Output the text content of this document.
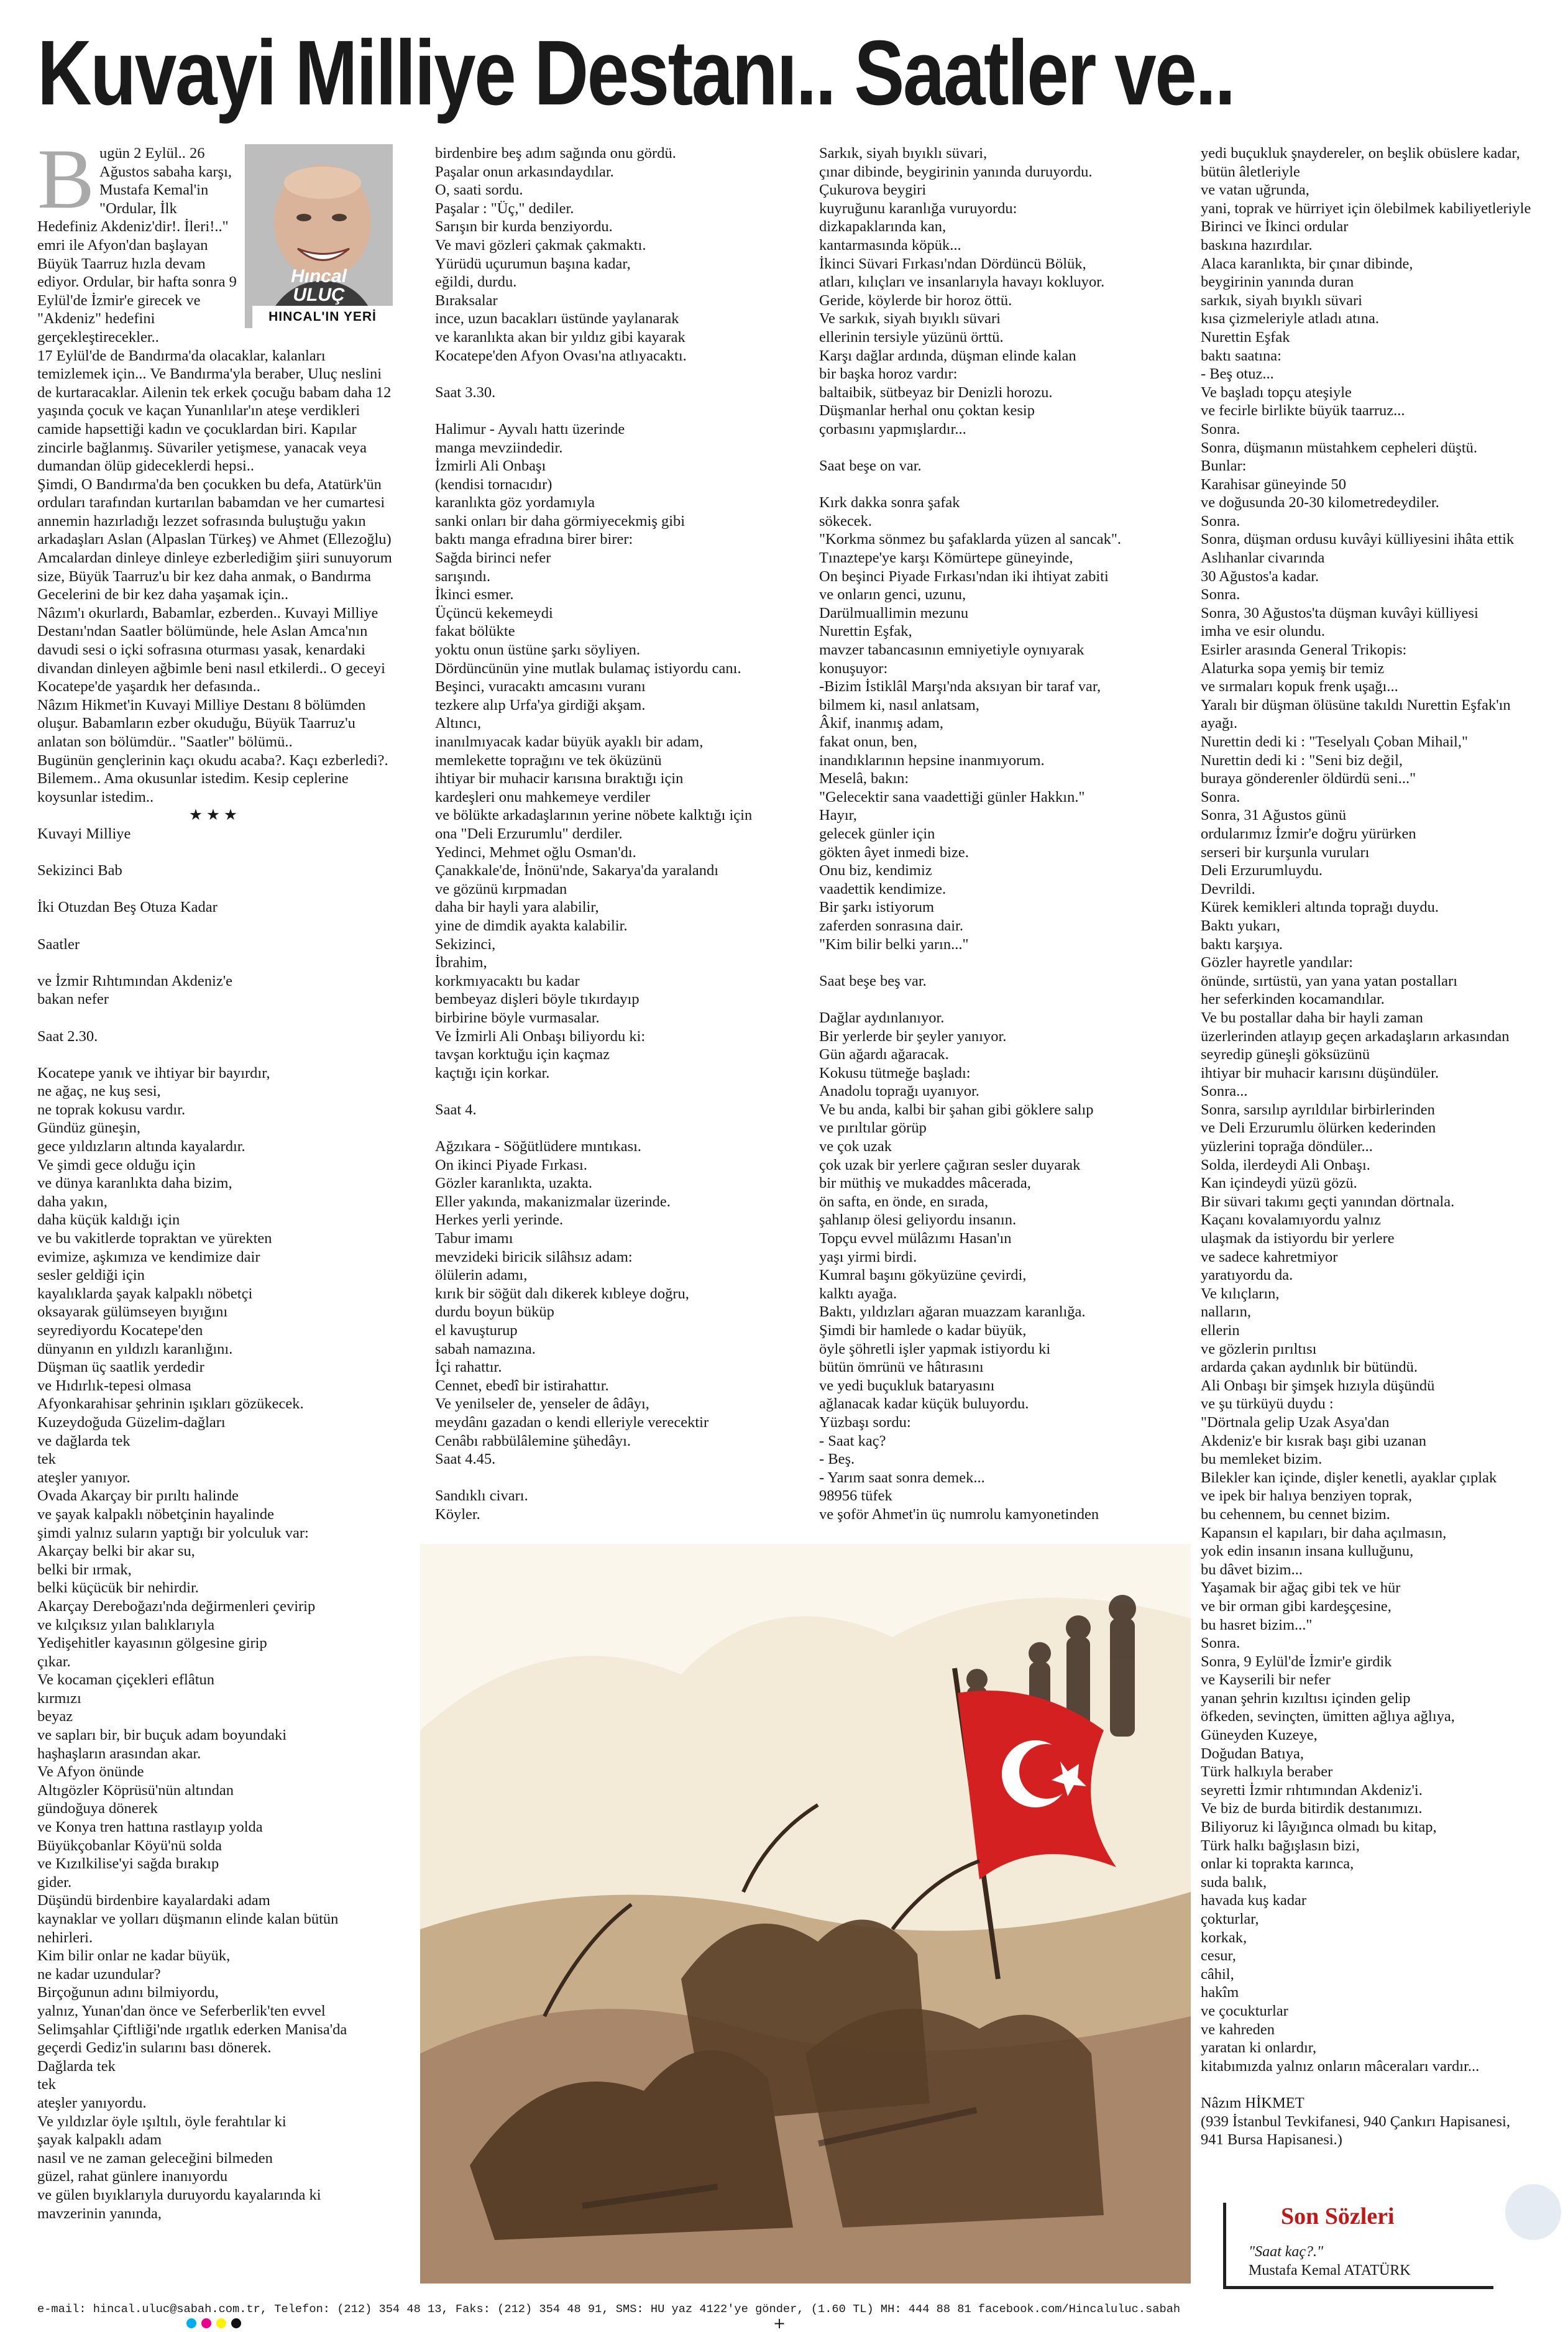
Kuvayi Milliye Destanı.. Saatler ve..
Hıncal
ULUÇ
HINCAL'IN YERİ
B ugün 2 Eylül.. 26 Ağustos sabaha karşı, Mustafa Kemal'in "Ordular, İlk Hedefiniz Akdeniz'dir!. İleri!.." emri ile Afyon'dan başlayan Büyük Taarruz hızla devam ediyor. Ordular, bir hafta sonra 9 Eylül'de İzmir'e girecek ve "Akdeniz" hedefini gerçekleştirecekler..

17 Eylül'de de Bandırma'da olacaklar, kalanları temizlemek için... Ve Bandırma'yla beraber, Uluç neslini de kurtaracaklar. Ailenin tek erkek çocuğu babam daha 12 yaşında çocuk ve kaçan Yunanlılar'ın ateşe verdikleri camide hapsettiği kadın ve çocuklardan biri. Kapılar zincirle bağlanmış. Süvariler yetişmese, yanacak veya dumandan ölüp gideceklerdi hepsi..
Şimdi, O Bandırma'da ben çocukken bu defa, Atatürk'ün orduları tarafından kurtarılan babamdan ve her cumartesi annemin hazırladığı lezzet sofrasında buluştuğu yakın arkadaşları Aslan (Alpaslan Türkeş) ve Ahmet (Ellezoğlu) Amcalardan dinleye dinleye ezberlediğim şiiri sunuyorum size, Büyük Taarruz'u bir kez daha anmak, o Bandırma Gecelerini de bir kez daha yaşamak için..
Nâzım'ı okurlardı, Babamlar, ezberden.. Kuvayi Milliye Destanı'ndan Saatler bölümünde, hele Aslan Amca'nın davudi sesi o içki sofrasına oturması yasak, kenardaki divandan dinleyen ağbimle beni nasıl etkilerdi.. O geceyi Kocatepe'de yaşardık her defasında..
Nâzım Hikmet'in Kuvayi Milliye Destanı 8 bölümden oluşur. Babamların ezber okuduğu, Büyük Taarruz'u anlatan son bölümdür.. "Saatler" bölümü..
Bugünün gençlerinin kaçı okudu acaba?. Kaçı ezberledi?. Bilemem.. Ama okusunlar istedim. Kesip ceplerine koysunlar istedim..

★★★

Kuvayi Milliye

Sekizinci Bab

İki Otuzdan Beş Otuza Kadar

Saatler

ve İzmir Rıhtımından Akdeniz'e
bakan nefer

Saat 2.30.

Kocatepe yanık ve ihtiyar bir bayırdır,
ne ağaç, ne kuş sesi,
ne toprak kokusu vardır.
Gündüz güneşin,
gece yıldızların altında kayalardır.
Ve şimdi gece olduğu için
ve dünya karanlıkta daha bizim,
daha yakın,
daha küçük kaldığı için
ve bu vakitlerde topraktan ve yürekten
evimize, aşkımıza ve kendimize dair
sesler geldiği için
kayalıklarda şayak kalpaklı nöbetçi
oksayarak gülümseyen bıyığını
seyrediyordu Kocatepe'den
dünyanın en yıldızlı karanlığını.
Düşman üç saatlik yerdedir
ve Hıdırlık-tepesi olmasa
Afyonkarahisar şehrinin ışıkları gözükecek.
Kuzeydoğuda Güzelim-dağları
ve dağlarda tek
tek
ateşler yanıyor.
Ovada Akarçay bir pırıltı halinde
ve şayak kalpaklı nöbetçinin hayalinde
şimdi yalnız suların yaptığı bir yolculuk var:
Akarçay belki bir akar su,
belki bir ırmak,
belki küçücük bir nehirdir.
Akarçay Dereboğazı'nda değirmenleri çevirip
ve kılçıksız yılan balıklarıyla
Yedişehitler kayasının gölgesine girip
çıkar.
Ve kocaman çiçekleri eflâtun
kırmızı
beyaz
ve sapları bir, bir buçuk adam boyundaki
haşhaşların arasından akar.
Ve Afyon önünde
Altıgözler Köprüsü'nün altından
gündoğuya dönerek
ve Konya tren hattına rastlayıp yolda
Büyükçobanlar Köyü'nü solda
ve Kızılkilise'yi sağda bırakıp
gider.
Düşündü birdenbire kayalardaki adam
kaynaklar ve yolları düşmanın elinde kalan bütün nehirleri.
Kim bilir onlar ne kadar büyük,
ne kadar uzundular?
Birçoğunun adını bilmiyordu,
yalnız, Yunan'dan önce ve Seferberlik'ten evvel
Selimşahlar Çiftliği'nde ırgatlık ederken Manisa'da
geçerdi Gediz'in sularını bası dönerek.
Dağlarda tek
tek
ateşler yanıyordu.
Ve yıldızlar öyle ışıltılı, öyle ferahtılar ki
şayak kalpaklı adam
nasıl ve ne zaman geleceğini bilmeden
güzel, rahat günlere inanıyordu
ve gülen bıyıklarıyla duruyordu kayalarında ki mavzerinin yanında,

birdenbire beş adım sağında onu gördü.
Paşalar onun arkasındaydılar.
O, saati sordu.
Paşalar : "Üç," dediler.
Sarışın bir kurda benziyordu.
Ve mavi gözleri çakmak çakmaktı.
Yürüdü uçurumun başına kadar,
eğildi, durdu.
Bıraksalar
ince, uzun bacakları üstünde yaylanarak
ve karanlıkta akan bir yıldız gibi kayarak
Kocatepe'den Afyon Ovası'na atlıyacaktı.

Saat 3.30.

Halimur - Ayvalı hattı üzerinde
manga mevziindedir.
İzmirli Ali Onbaşı
(kendisi tornacıdır)
karanlıkta göz yordamıyla
sanki onları bir daha görmiyecekmiş gibi
baktı manga efradına birer birer:
Sağda birinci nefer
sarışındı.
İkinci esmer.
Üçüncü kekemeydi
fakat bölükte
yoktu onun üstüne şarkı söyliyen.
Dördüncünün yine mutlak bulamaç istiyordu canı.
Beşinci, vuracaktı amcasını vuranı
tezkere alıp Urfa'ya girdiği akşam.
Altıncı,
inanılmıyacak kadar büyük ayaklı bir adam,
memlekette toprağını ve tek öküzünü
ihtiyar bir muhacir karısına bıraktığı için
kardeşleri onu mahkemeye verdiler
ve bölükte arkadaşlarının yerine nöbete kalktığı için
ona "Deli Erzurumlu" derdiler.
Yedinci, Mehmet oğlu Osman'dı.
Çanakkale'de, İnönü'nde, Sakarya'da yaralandı
ve gözünü kırpmadan
daha bir hayli yara alabilir,
yine de dimdik ayakta kalabilir.
Sekizinci,
İbrahim,
korkmıyacaktı bu kadar
bembeyaz dişleri böyle tıkırdayıp
birbirine böyle vurmasalar.
Ve İzmirli Ali Onbaşı biliyordu ki:
tavşan korktuğu için kaçmaz
kaçtığı için korkar.

Saat 4.

Ağzıkara - Söğütlüdere mıntıkası.
On ikinci Piyade Fırkası.
Gözler karanlıkta, uzakta.
Eller yakında, makanizmalar üzerinde.
Herkes yerli yerinde.
Tabur imamı
mevzideki biricik silâhsız adam:
ölülerin adamı,
kırık bir söğüt dalı dikerek kıbleye doğru,
durdu boyun büküp
el kavuşturup
sabah namazına.
İçi rahattır.
Cennet, ebedî bir istirahattır.
Ve yenilseler de, yenseler de âdâyı,
meydânı gazadan o kendi elleriyle verecektir
Cenâbı rabbülâlemine şühedâyı.
Saat 4.45.

Sandıklı civarı.
Köyler.

Sarkık, siyah bıyıklı süvari,
çınar dibinde, beygirinin yanında duruyordu.
Çukurova beygiri
kuyruğunu karanlığa vuruyordu:
dizkapaklarında kan,
kantarmasında köpük...
İkinci Süvari Fırkası'ndan Dördüncü Bölük,
atları, kılıçları ve insanlarıyla havayı kokluyor.
Geride, köylerde bir horoz öttü.
Ve sarkık, siyah bıyıklı süvari
ellerinin tersiyle yüzünü örttü.
Karşı dağlar ardında, düşman elinde kalan
bir başka horoz vardır:
baltaibik, sütbeyaz bir Denizli horozu.
Düşmanlar herhal onu çoktan kesip
çorbasını yapmışlardır...

Saat beşe on var.

Kırk dakka sonra şafak
sökecek.
"Korkma sönmez bu şafaklarda yüzen al sancak".
Tınaztepe'ye karşı Kömürtepe güneyinde,
On beşinci Piyade Fırkası'ndan iki ihtiyat zabiti
ve onların genci, uzunu,
Darülmuallimin mezunu
Nurettin Eşfak,
mavzer tabancasının emniyetiyle oynıyarak
konuşuyor:
-Bizim İstiklâl Marşı'nda aksıyan bir taraf var,
bilmem ki, nasıl anlatsam,
Âkif, inanmış adam,
fakat onun, ben,
inandıklarının hepsine inanmıyorum.
Meselâ, bakın:
"Gelecektir sana vaadettiği günler Hakkın."
Hayır,
gelecek günler için
gökten âyet inmedi bize.
Onu biz, kendimiz
vaadettik kendimize.
Bir şarkı istiyorum
zaferden sonrasına dair.
"Kim bilir belki yarın..."

Saat beşe beş var.

Dağlar aydınlanıyor.
Bir yerlerde bir şeyler yanıyor.
Gün ağardı ağaracak.
Kokusu tütmeğe başladı:
Anadolu toprağı uyanıyor.
Ve bu anda, kalbi bir şahan gibi göklere salıp
ve pırıltılar görüp
ve çok uzak
çok uzak bir yerlere çağıran sesler duyarak
bir müthiş ve mukaddes mâcerada,
ön safta, en önde, en sırada,
şahlanıp ölesi geliyordu insanın.
Topçu evvel mülâzımı Hasan'ın
yaşı yirmi birdi.
Kumral başını gökyüzüne çevirdi,
kalktı ayağa.
Baktı, yıldızları ağaran muazzam karanlığa.
Şimdi bir hamlede o kadar büyük,
öyle şöhretli işler yapmak istiyordu ki
bütün ömrünü ve hâtırasını
ve yedi buçukluk bataryasını
ağlanacak kadar küçük buluyordu.
Yüzbaşı sordu:
- Saat kaç?
- Beş.
- Yarım saat sonra demek...
98956 tüfek
ve şoför Ahmet'in üç numrolu kamyonetinden

yedi buçukluk şnaydereler, on beşlik obüslere kadar,
bütün âletleriyle
ve vatan uğrunda,
yani, toprak ve hürriyet için ölebilmek kabiliyetleriyle
Birinci ve İkinci ordular
baskına hazırdılar.
Alaca karanlıkta, bir çınar dibinde,
beygirinin yanında duran
sarkık, siyah bıyıklı süvari
kısa çizmeleriyle atladı atına.
Nurettin Eşfak
baktı saatına:
- Beş otuz...
Ve başladı topçu ateşiyle
ve fecirle birlikte büyük taarruz...
Sonra.
Sonra, düşmanın müstahkem cepheleri düştü.
Bunlar:
Karahisar güneyinde 50
ve doğusunda 20-30 kilometredeydiler.
Sonra.
Sonra, düşman ordusu kuvâyi külliyesini ihâta ettik
Aslıhanlar civarında
30 Ağustos'a kadar.
Sonra.
Sonra, 30 Ağustos'ta düşman kuvâyi külliyesi
imha ve esir olundu.
Esirler arasında General Trikopis:
Alaturka sopa yemiş bir temiz
ve sırmaları kopuk frenk uşağı...
Yaralı bir düşman ölüsüne takıldı Nurettin Eşfak'ın ayağı.
Nurettin dedi ki : "Teselyalı Çoban Mihail,"
Nurettin dedi ki : "Seni biz değil,
buraya gönderenler öldürdü seni..."
Sonra.
Sonra, 31 Ağustos günü
ordularımız İzmir'e doğru yürürken
serseri bir kurşunla vuruları
Deli Erzurumluydu.
Devrildi.
Kürek kemikleri altında toprağı duydu.
Baktı yukarı,
baktı karşıya.
Gözler hayretle yandılar:
önünde, sırtüstü, yan yana yatan postalları
her seferkinden kocamandılar.
Ve bu postallar daha bir hayli zaman
üzerlerinden atlayıp geçen arkadaşların arkasından
seyredip güneşli göksüzünü
ihtiyar bir muhacir karısını düşündüler.
Sonra...
Sonra, sarsılıp ayrıldılar birbirlerinden
ve Deli Erzurumlu ölürken kederinden
yüzlerini toprağa döndüler...
Solda, ilerdeydi Ali Onbaşı.
Kan içindeydi yüzü gözü.
Bir süvari takımı geçti yanından dörtnala.
Kaçanı kovalamıyordu yalnız
ulaşmak da istiyordu bir yerlere
ve sadece kahretmiyor
yaratıyordu da.
Ve kılıçların,
nalların,
ellerin
ve gözlerin pırıltısı
ardarda çakan aydınlık bir bütündü.
Ali Onbaşı bir şimşek hızıyla düşündü
ve şu türküyü duydu :
"Dörtnala gelip Uzak Asya'dan
Akdeniz'e bir kısrak başı gibi uzanan
bu memleket bizim.
Bilekler kan içinde, dişler kenetli, ayaklar çıplak
ve ipek bir halıya benziyen toprak,
bu cehennem, bu cennet bizim.
Kapansın el kapıları, bir daha açılmasın,
yok edin insanın insana kulluğunu,
bu dâvet bizim...
Yaşamak bir ağaç gibi tek ve hür
ve bir orman gibi kardeşçesine,
bu hasret bizim..."
Sonra.
Sonra, 9 Eylül'de İzmir'e girdik
ve Kayserili bir nefer
yanan şehrin kızıltısı içinden gelip
öfkeden, sevinçten, ümitten ağlıya ağlıya,
Güneyden Kuzeye,
Doğudan Batıya,
Türk halkıyla beraber
seyretti İzmir rıhtımından Akdeniz'i.
Ve biz de burda bitirdik destanımızı.
Biliyoruz ki lâyığınca olmadı bu kitap,
Türk halkı bağışlasın bizi,
onlar ki toprakta karınca,
suda balık,
havada kuş kadar
çokturlar,
korkak,
cesur,
câhil,
hakîm
ve çocukturlar
ve kahreden
yaratan ki onlardır,
kitabımızda yalnız onların mâceraları vardır...

Nâzım HİKMET
(939 İstanbul Tevkifanesi, 940 Çankırı Hapisanesi, 941 Bursa Hapisanesi.)

Son Sözleri
"Saat kaç?."
Mustafa Kemal ATATÜRK
e-mail: hincal.uluc@sabah.com.tr, Telefon: (212) 354 48 13, Faks: (212) 354 48 91, SMS: HU yaz 4122'ye gönder, (1.60 TL) MH: 444 88 81 facebook.com/Hincaluluc.sabah
+
